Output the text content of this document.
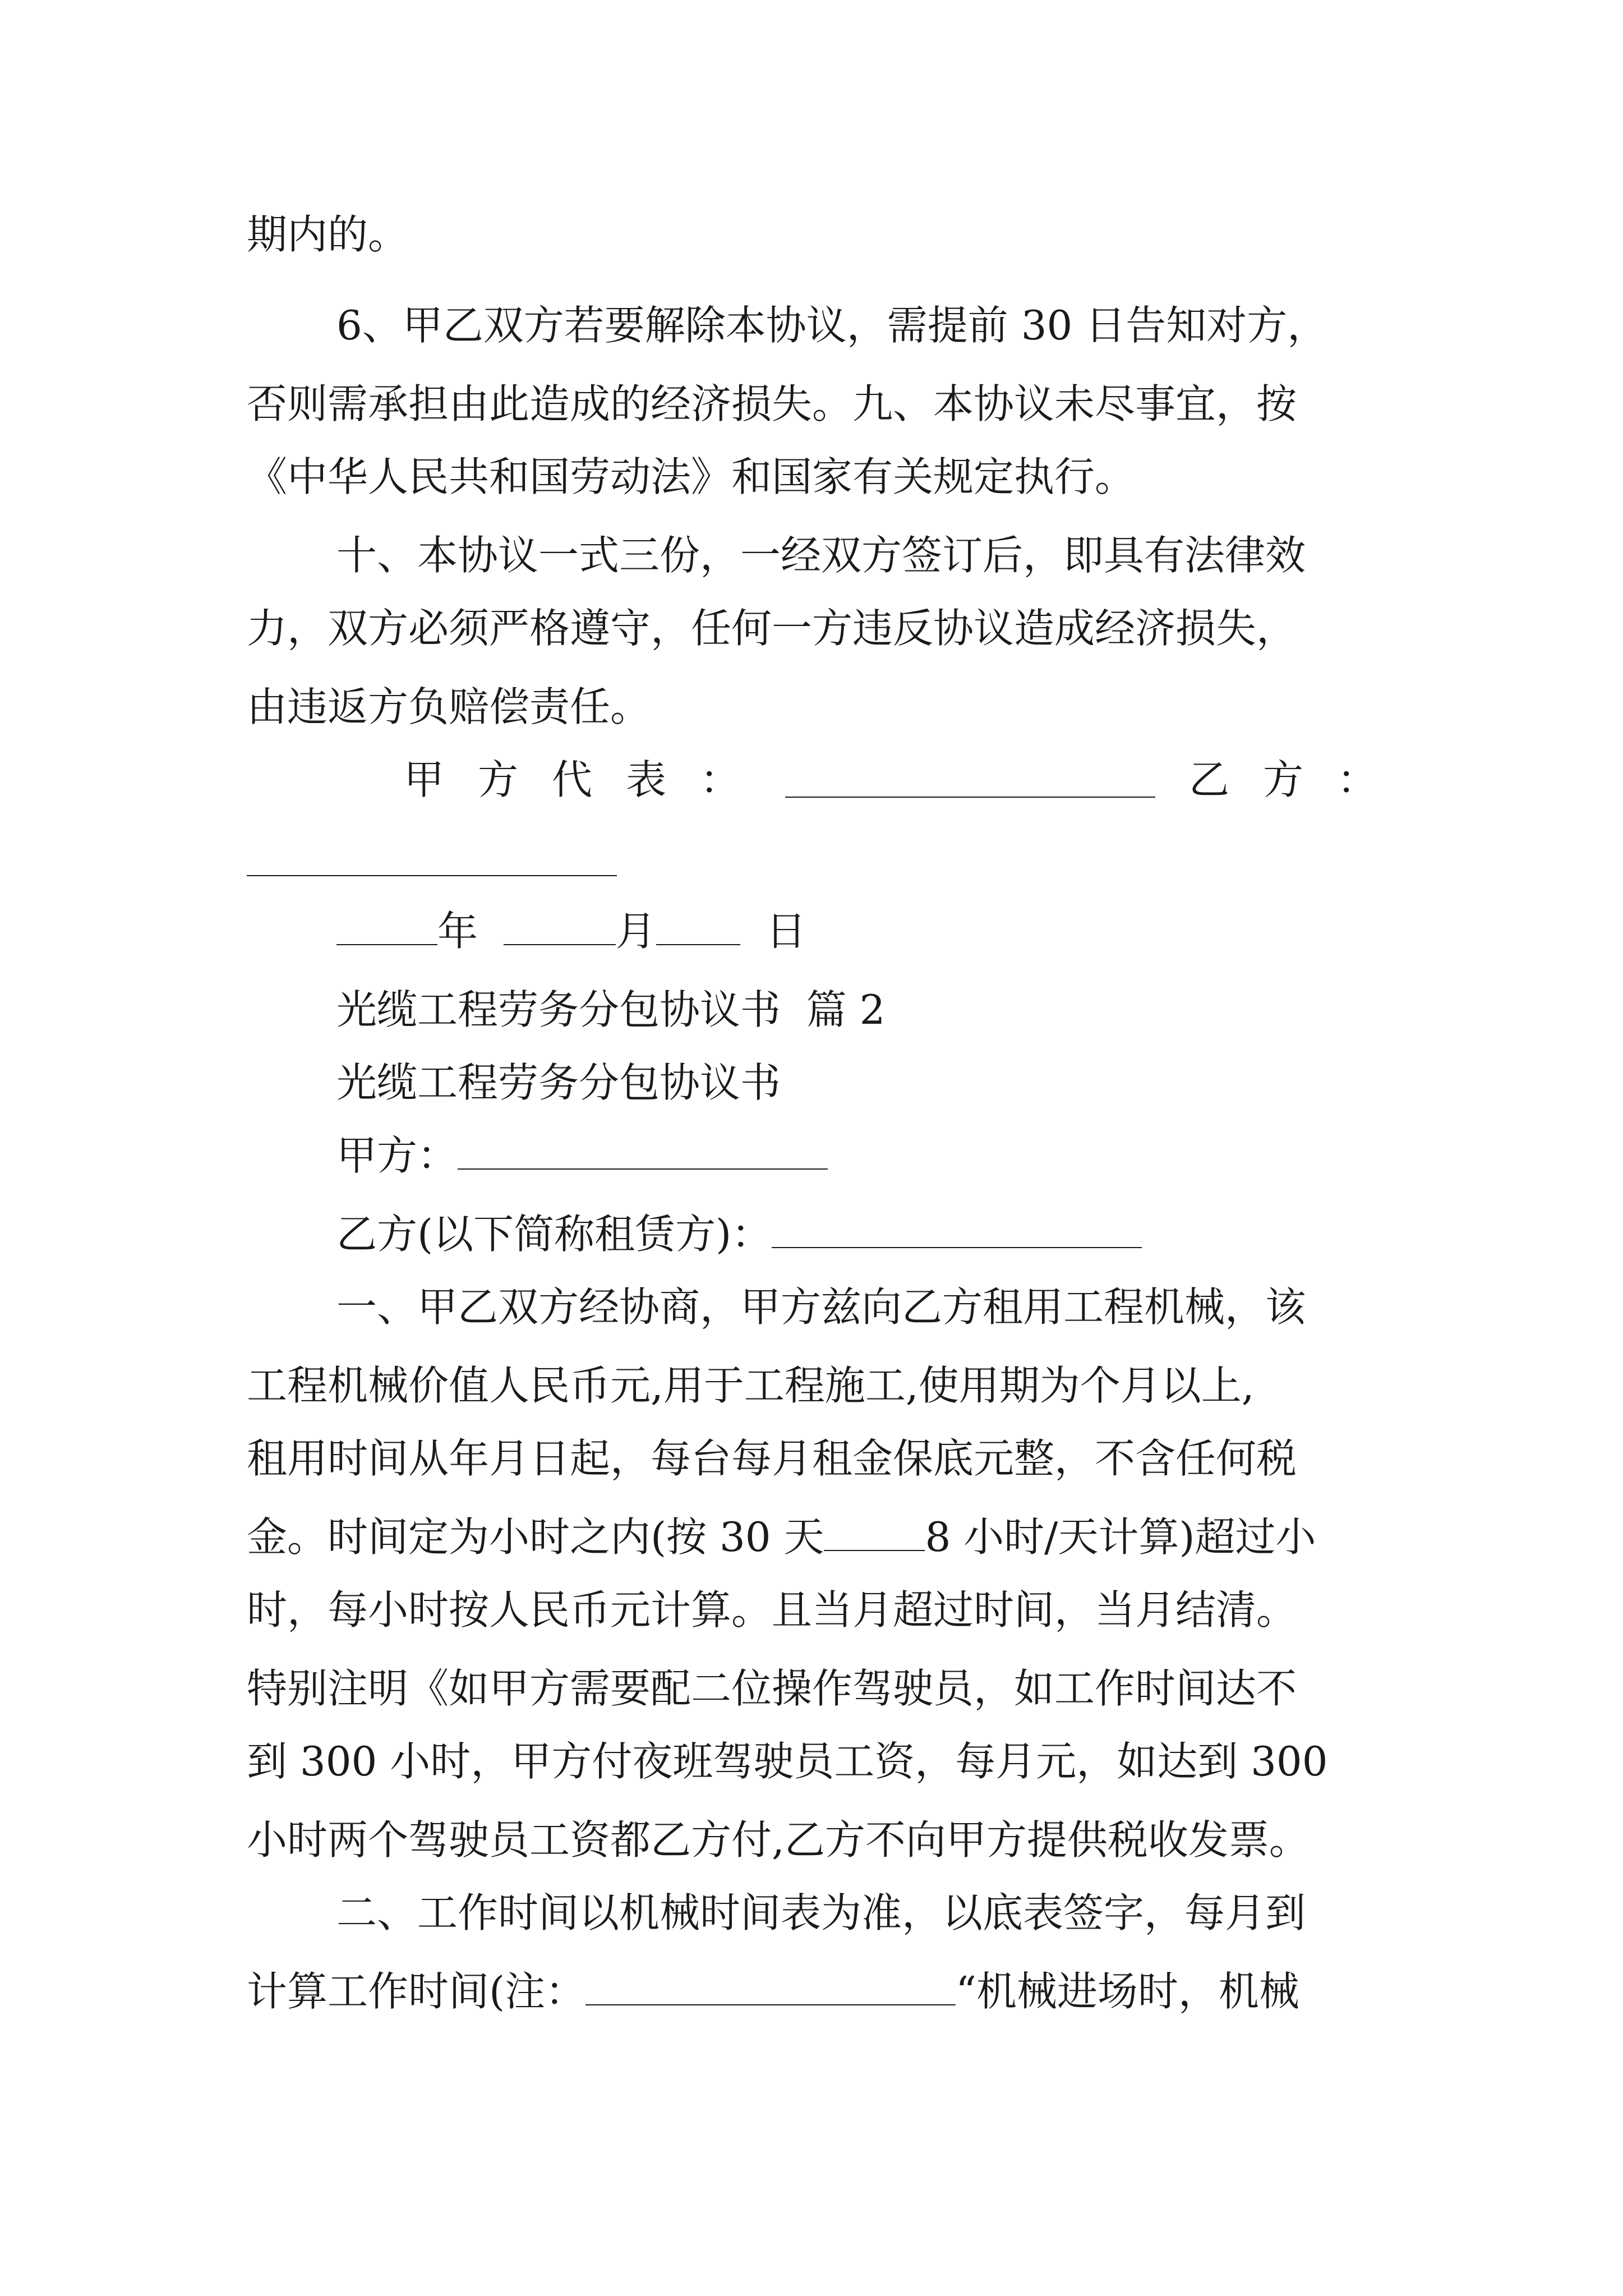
期内的。
6、甲乙双方若要解除本协议，需提前 30 日告知对方，
否则需承担由此造成的经济损失。九、本协议未尽事宜，按
《中华人民共和国劳动法》和国家有关规定执行。
十、本协议一式三份，一经双方签订后，即具有法律效
力，双方必须严格遵守，任何一方违反协议造成经济损失，
由违返方负赔偿责任。
甲方代表：	乙方：
年	月	日
光缆工程劳务分包协议书  篇 2
光缆工程劳务分包协议书
甲方：
乙方(以下简称租赁方)：
一、甲乙双方经协商，甲方兹向乙方租用工程机械，该
工程机械价值人民币元,用于工程施工,使用期为个月以上,
租用时间从年月日起，每台每月租金保底元整，不含任何税
金。时间定为小时之内(按 30 天	8 小时/天计算)超过小
时，每小时按人民币元计算。且当月超过时间，当月结清。
特别注明《如甲方需要配二位操作驾驶员，如工作时间达不
到 300 小时，甲方付夜班驾驶员工资，每月元，如达到 300
小时两个驾驶员工资都乙方付,乙方不向甲方提供税收发票。
二、工作时间以机械时间表为准，以底表签字，每月到
计算工作时间(注：	“机械进场时，机械
